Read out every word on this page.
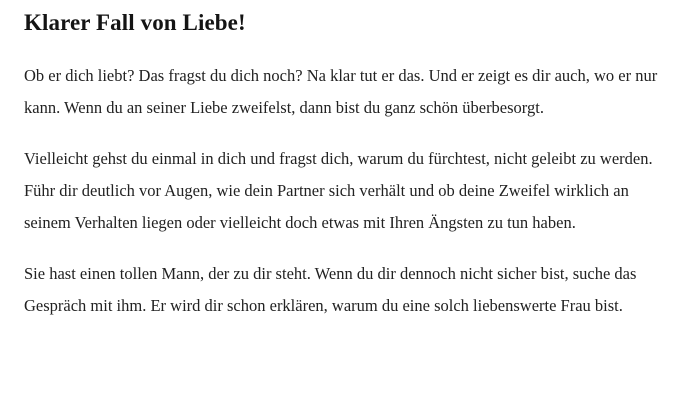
Klarer Fall von Liebe!

Ob er dich liebt? Das fragst du dich noch? Na klar tut er das. Und er zeigt es dir auch, wo er nur kann. Wenn du an seiner Liebe zweifelst, dann bist du ganz schön überbesorgt.

Vielleicht gehst du einmal in dich und fragst dich, warum du fürchtest, nicht geleibt zu werden. Führ dir deutlich vor Augen, wie dein Partner sich verhält und ob deine Zweifel wirklich an seinem Verhalten liegen oder vielleicht doch etwas mit Ihren Ängsten zu tun haben.

Sie hast einen tollen Mann, der zu dir steht. Wenn du dir dennoch nicht sicher bist, suche das Gespräch mit ihm. Er wird dir schon erklären, warum du eine solch liebenswerte Frau bist.
